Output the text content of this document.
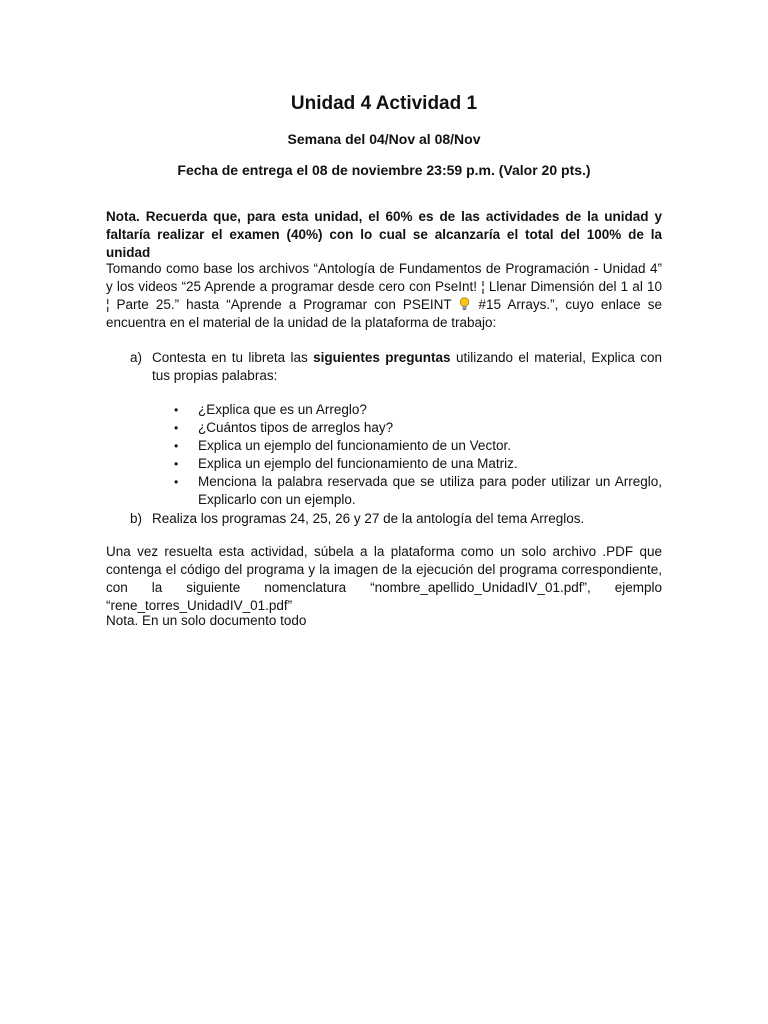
Unidad 4 Actividad 1
Semana del 04/Nov al 08/Nov
Fecha de entrega el 08 de noviembre 23:59 p.m. (Valor 20 pts.)
Nota. Recuerda que, para esta unidad, el 60% es de las actividades de la unidad y faltaría realizar el examen (40%) con lo cual se alcanzaría el total del 100% de la unidad
Tomando como base los archivos “Antología de Fundamentos de Programación - Unidad 4” y los videos “25 Aprende a programar desde cero con PseInt! ¦ Llenar Dimensión del 1 al 10 ¦ Parte 25.” hasta “Aprende a Programar con PSEINT #15 Arrays.”, cuyo enlace se encuentra en el material de la unidad de la plataforma de trabajo:
a) Contesta en tu libreta las siguientes preguntas utilizando el material, Explica con tus propias palabras:
• ¿Explica que es un Arreglo?
• ¿Cuántos tipos de arreglos hay?
• Explica un ejemplo del funcionamiento de un Vector.
• Explica un ejemplo del funcionamiento de una Matriz.
• Menciona la palabra reservada que se utiliza para poder utilizar un Arreglo, Explicarlo con un ejemplo.
b) Realiza los programas 24, 25, 26 y 27 de la antología del tema Arreglos.
Una vez resuelta esta actividad, súbela a la plataforma como un solo archivo .PDF que contenga el código del programa y la imagen de la ejecución del programa correspondiente, con la siguiente nomenclatura “nombre_apellido_UnidadIV_01.pdf”, ejemplo “rene_torres_UnidadIV_01.pdf”
Nota. En un solo documento todo
